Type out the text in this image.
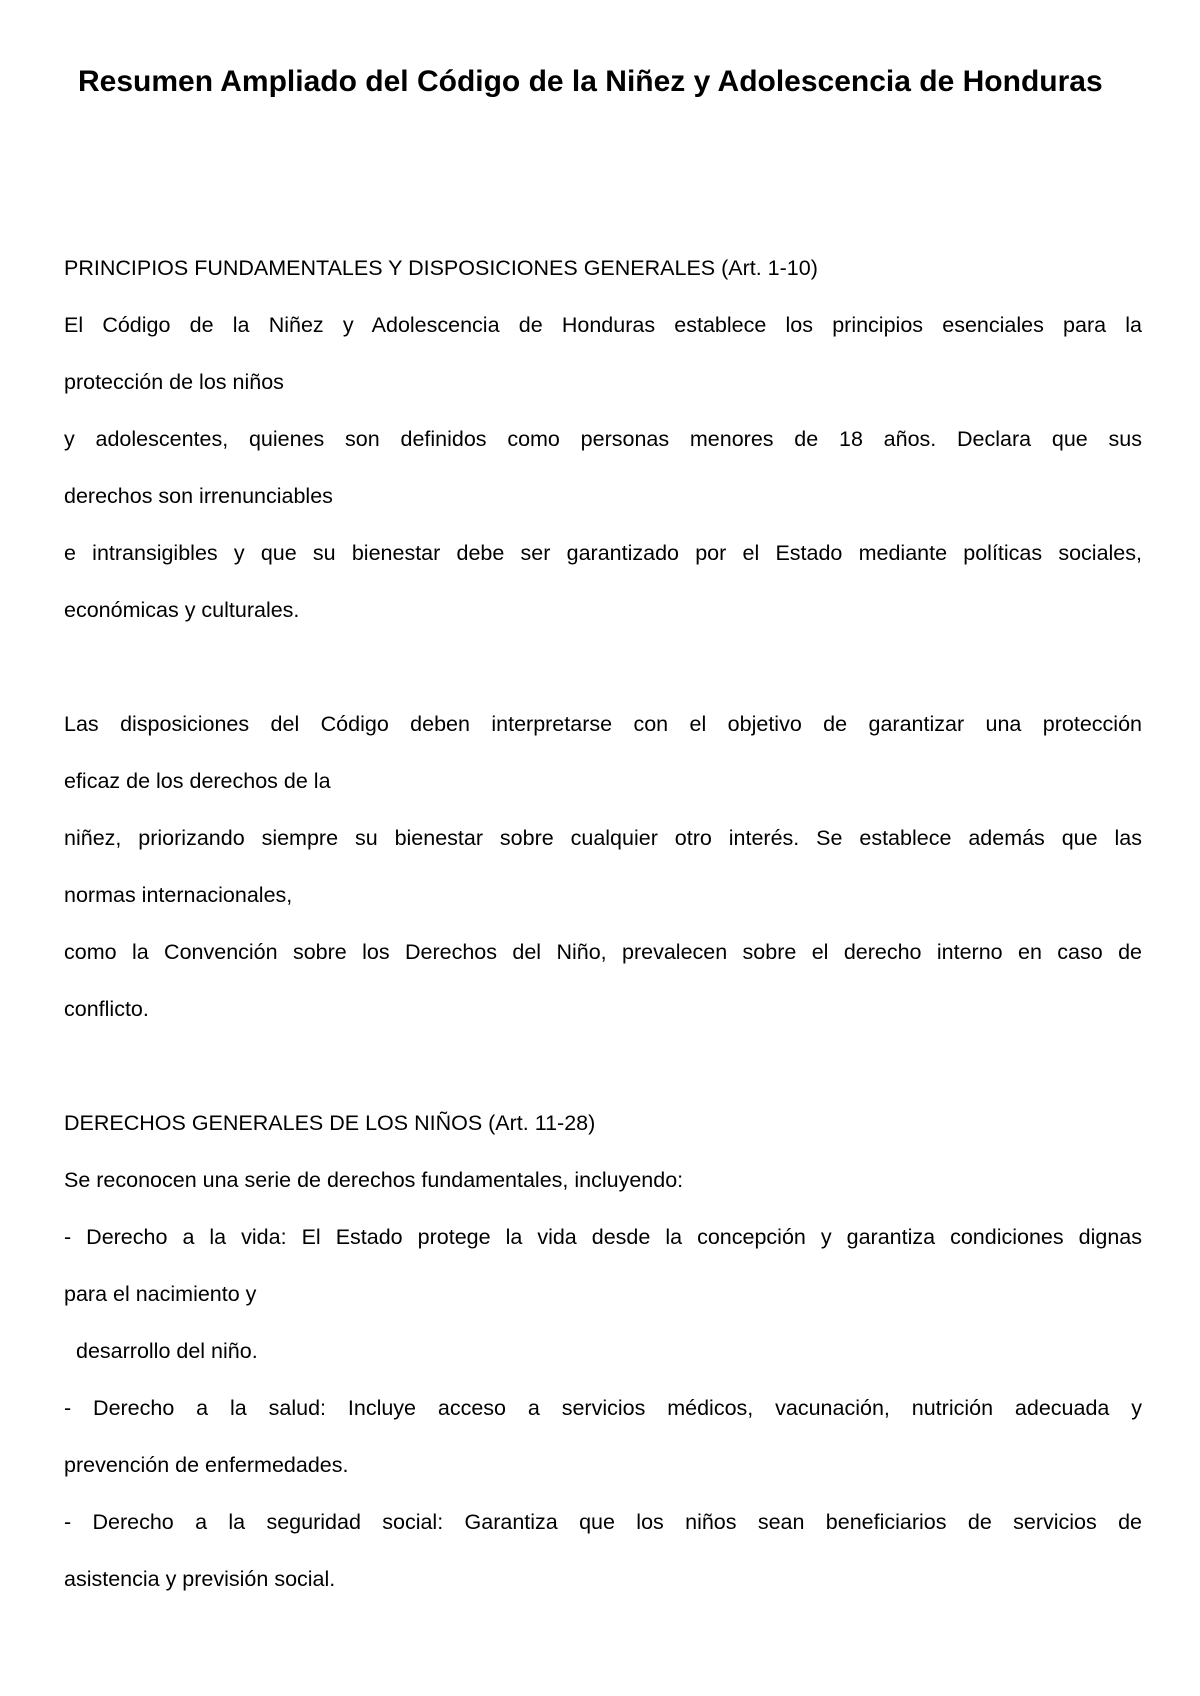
Resumen Ampliado del Código de la Niñez y Adolescencia de Honduras
PRINCIPIOS FUNDAMENTALES Y DISPOSICIONES GENERALES (Art. 1-10)
El Código de la Niñez y Adolescencia de Honduras establece los principios esenciales para la
protección de los niños
y adolescentes, quienes son definidos como personas menores de 18 años. Declara que sus
derechos son irrenunciables
e intransigibles y que su bienestar debe ser garantizado por el Estado mediante políticas sociales,
económicas y culturales.
Las disposiciones del Código deben interpretarse con el objetivo de garantizar una protección
eficaz de los derechos de la
niñez, priorizando siempre su bienestar sobre cualquier otro interés. Se establece además que las
normas internacionales,
como la Convención sobre los Derechos del Niño, prevalecen sobre el derecho interno en caso de
conflicto.
DERECHOS GENERALES DE LOS NIÑOS (Art. 11-28)
Se reconocen una serie de derechos fundamentales, incluyendo:
- Derecho a la vida: El Estado protege la vida desde la concepción y garantiza condiciones dignas
para el nacimiento y
desarrollo del niño.
- Derecho a la salud: Incluye acceso a servicios médicos, vacunación, nutrición adecuada y
prevención de enfermedades.
- Derecho a la seguridad social: Garantiza que los niños sean beneficiarios de servicios de
asistencia y previsión social.
